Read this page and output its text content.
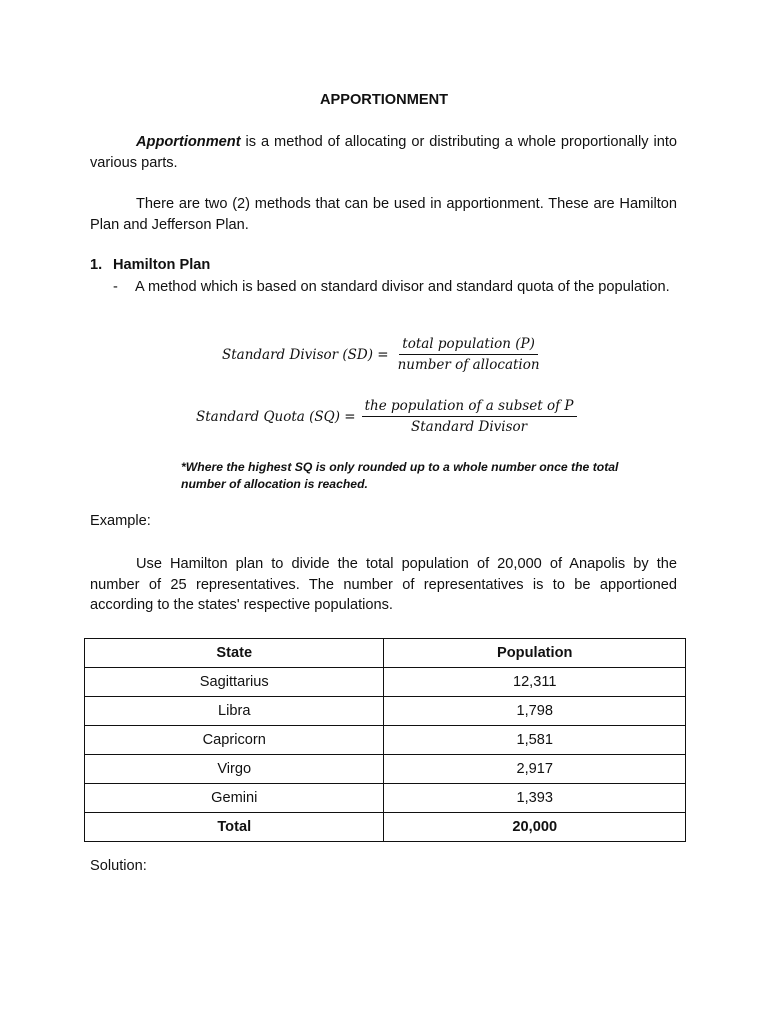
APPORTIONMENT
Apportionment is a method of allocating or distributing a whole proportionally into various parts.
There are two (2) methods that can be used in apportionment. These are Hamilton Plan and Jefferson Plan.
1. Hamilton Plan
- A method which is based on standard divisor and standard quota of the population.
Standard Divisor $(SD) = \frac{\text{total population (P)}}{\text{number of allocation}}$
Standard Quota $(SQ) = \frac{\text{the population of a subset of P}}{\text{Standard Divisor}}$
*Where the highest SQ is only rounded up to a whole number once the total number of allocation is reached.
Example:
Use Hamilton plan to divide the total population of 20,000 of Anapolis by the number of 25 representatives. The number of representatives is to be apportioned according to the states' respective populations.
State	Population
Sagittarius	12,311
Libra	1,798
Capricorn	1,581
Virgo	2,917
Gemini	1,393
Total	20,000
Solution:
